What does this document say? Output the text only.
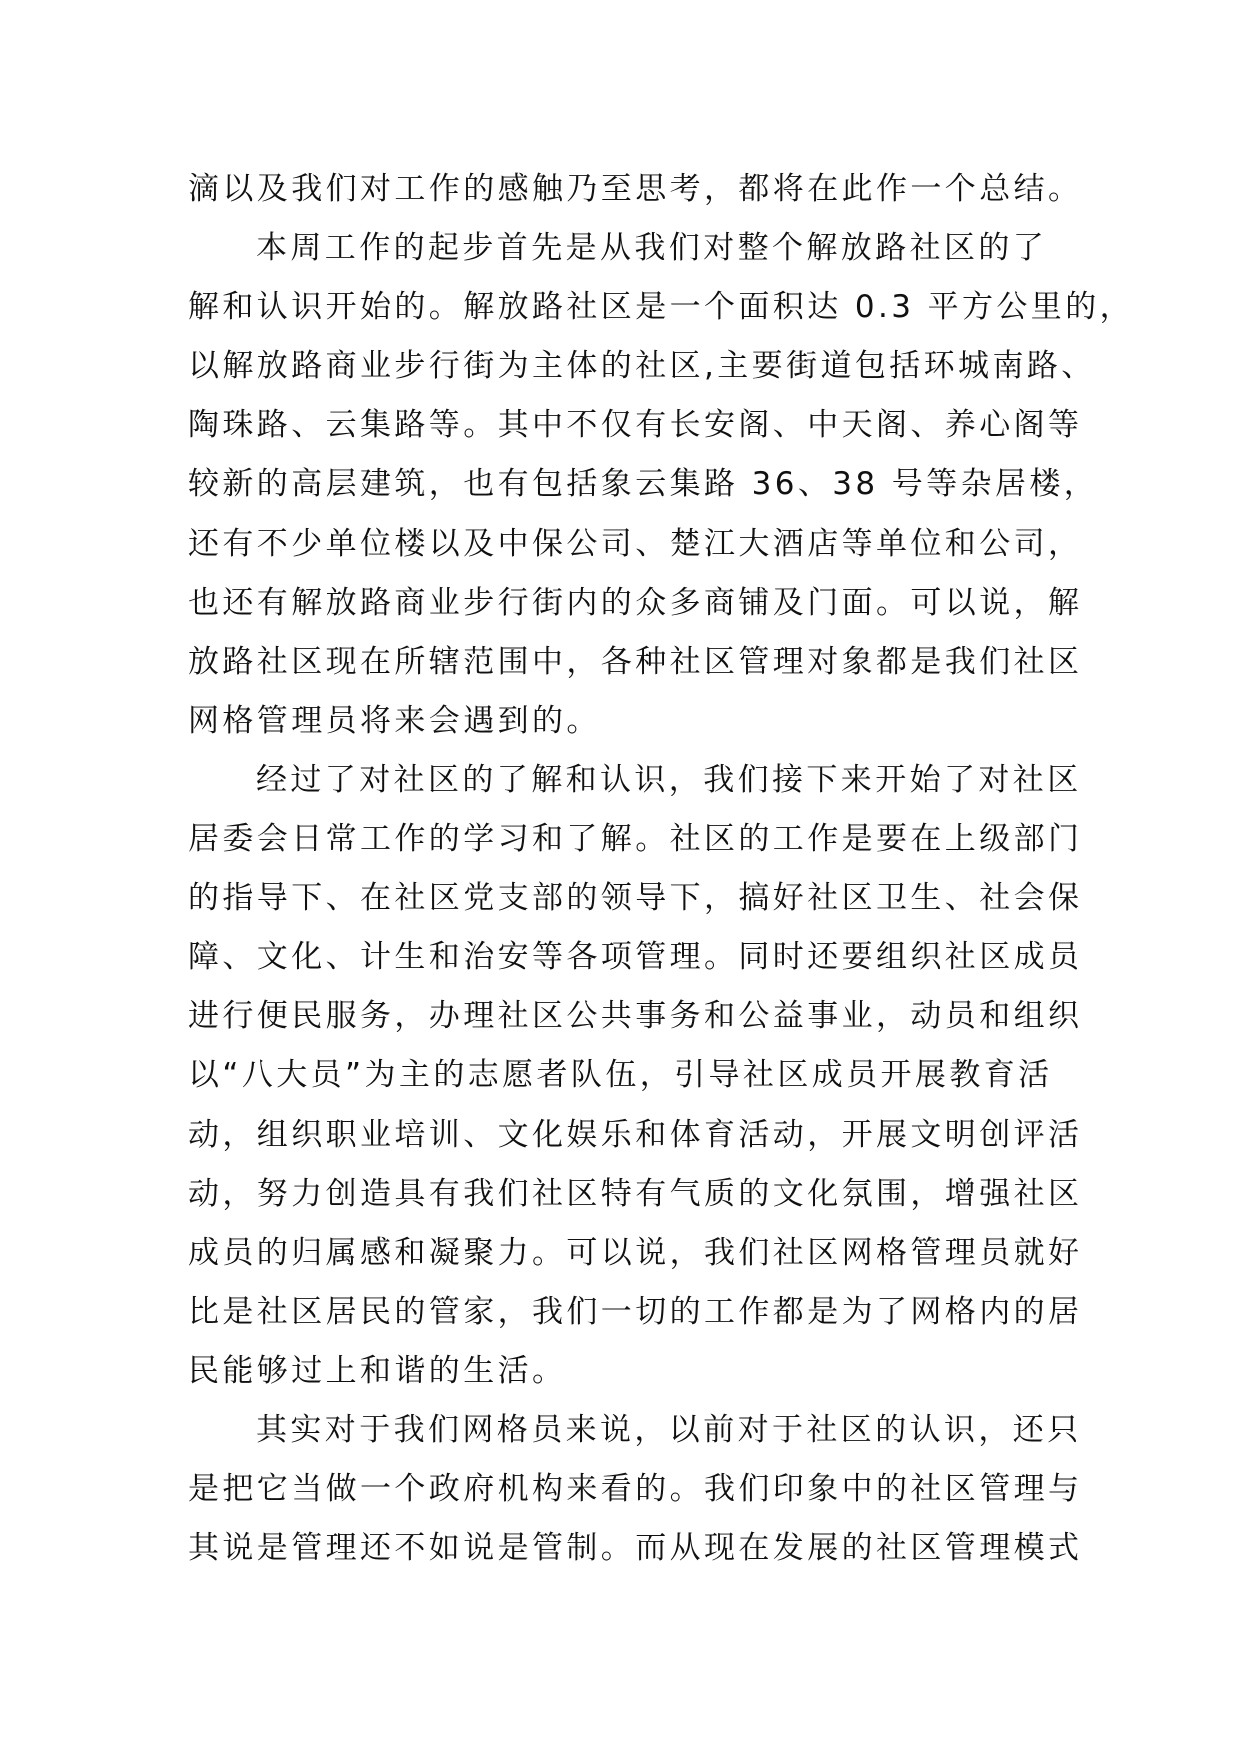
滴以及我们对工作的感触乃至思考，都将在此作一个总结。
本周工作的起步首先是从我们对整个解放路社区的了
解和认识开始的。解放路社区是一个面积达 0.3 平方公里的，
以解放路商业步行街为主体的社区,主要街道包括环城南路、
陶珠路、云集路等。其中不仅有长安阁、中天阁、养心阁等
较新的高层建筑，也有包括象云集路 36、38 号等杂居楼，
还有不少单位楼以及中保公司、楚江大酒店等单位和公司，
也还有解放路商业步行街内的众多商铺及门面。可以说，解
放路社区现在所辖范围中，各种社区管理对象都是我们社区
网格管理员将来会遇到的。
经过了对社区的了解和认识，我们接下来开始了对社区
居委会日常工作的学习和了解。社区的工作是要在上级部门
的指导下、在社区党支部的领导下，搞好社区卫生、社会保
障、文化、计生和治安等各项管理。同时还要组织社区成员
进行便民服务，办理社区公共事务和公益事业，动员和组织
以“八大员”为主的志愿者队伍，引导社区成员开展教育活
动，组织职业培训、文化娱乐和体育活动，开展文明创评活
动，努力创造具有我们社区特有气质的文化氛围，增强社区
成员的归属感和凝聚力。可以说，我们社区网格管理员就好
比是社区居民的管家，我们一切的工作都是为了网格内的居
民能够过上和谐的生活。
其实对于我们网格员来说，以前对于社区的认识，还只
是把它当做一个政府机构来看的。我们印象中的社区管理与
其说是管理还不如说是管制。而从现在发展的社区管理模式
